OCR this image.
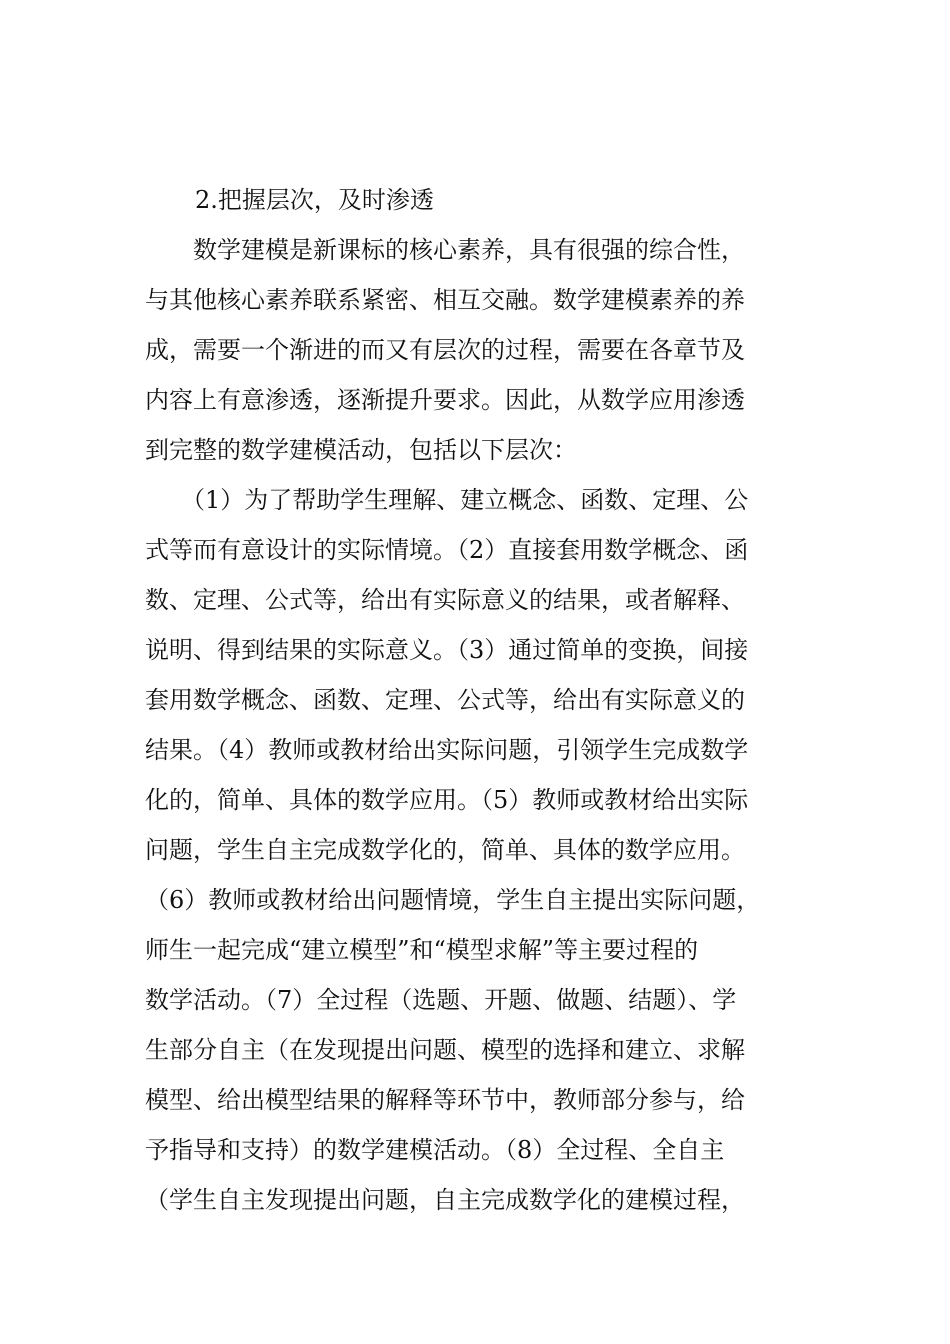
2.把握层次，及时渗透
　　数学建模是新课标的核心素养，具有很强的综合性，
与其他核心素养联系紧密、相互交融。数学建模素养的养
成，需要一个渐进的而又有层次的过程，需要在各章节及
内容上有意渗透，逐渐提升要求。因此，从数学应用渗透
到完整的数学建模活动，包括以下层次：
　　（1）为了帮助学生理解、建立概念、函数、定理、公
式等而有意设计的实际情境。（2）直接套用数学概念、函
数、定理、公式等，给出有实际意义的结果，或者解释、
说明、得到结果的实际意义。（3）通过简单的变换，间接
套用数学概念、函数、定理、公式等，给出有实际意义的
结果。（4）教师或教材给出实际问题，引领学生完成数学
化的，简单、具体的数学应用。（5）教师或教材给出实际
问题，学生自主完成数学化的，简单、具体的数学应用。
（6）教师或教材给出问题情境，学生自主提出实际问题，
师生一起完成“建立模型”和“模型求解”等主要过程的
数学活动。（7）全过程（选题、开题、做题、结题）、学
生部分自主（在发现提出问题、模型的选择和建立、求解
模型、给出模型结果的解释等环节中，教师部分参与，给
予指导和支持）的数学建模活动。（8）全过程、全自主
（学生自主发现提出问题，自主完成数学化的建模过程，
